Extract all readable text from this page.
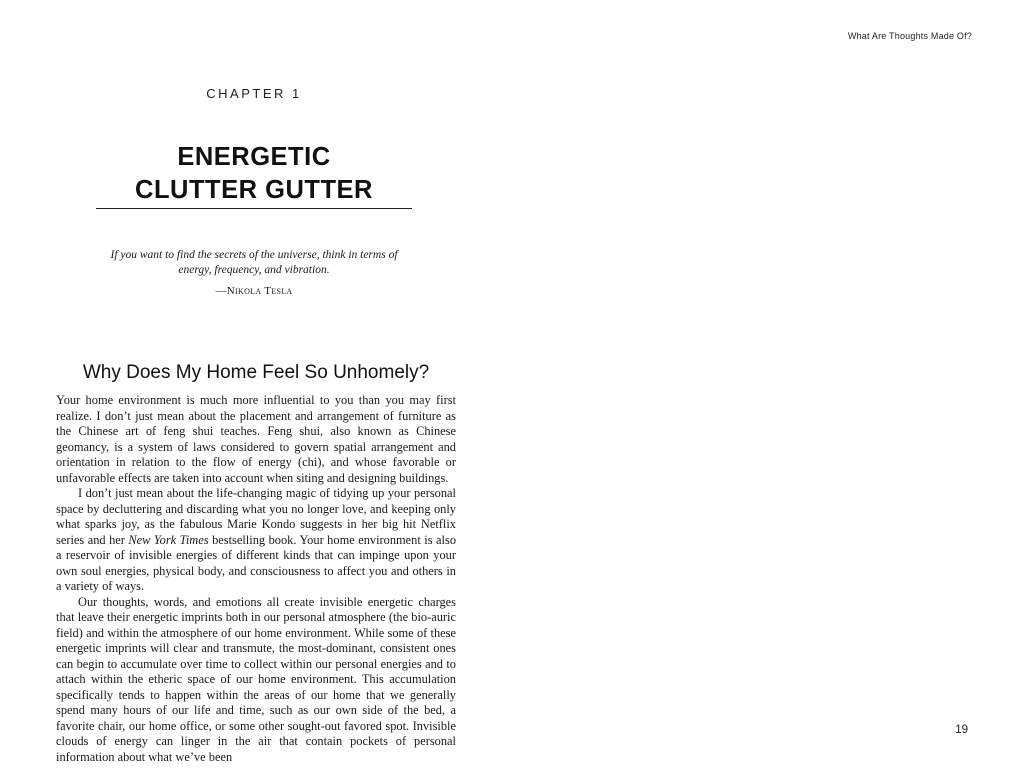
CHAPTER 1
ENERGETIC
CLUTTER GUTTER
If you want to find the secrets of the universe, think in terms of energy, frequency, and vibration.
—Nikola Tesla
Why Does My Home Feel So Unhomely?

Your home environment is much more influential to you than you may first realize. I don’t just mean about the placement and arrangement of furniture as the Chinese art of feng shui teaches. Feng shui, also known as Chinese geomancy, is a system of laws considered to govern spatial arrangement and orientation in relation to the flow of energy (chi), and whose favorable or unfavorable effects are taken into account when siting and designing buildings.

I don’t just mean about the life-changing magic of tidying up your personal space by decluttering and discarding what you no longer love, and keeping only what sparks joy, as the fabulous Marie Kondo suggests in her big hit Netflix series and her New York Times bestselling book. Your home environment is also a reservoir of invisible energies of different kinds that can impinge upon your own soul energies, physical body, and consciousness to affect you and others in a variety of ways.

Our thoughts, words, and emotions all create invisible energetic charges that leave their energetic imprints both in our personal atmosphere (the bio-auric field) and within the atmosphere of our home environment. While some of these energetic imprints will clear and transmute, the most-dominant, consistent ones can begin to accumulate over time to collect within our personal energies and to attach within the etheric space of our home environment. This accumulation specifically tends to happen within the areas of our home that we generally spend many hours of our life and time, such as our own side of the bed, a favorite chair, our home office, or some other sought-out favored spot. Invisible clouds of energy can linger in the air that contain pockets of personal information about what we’ve been

What Are Thoughts Made Of?

19
